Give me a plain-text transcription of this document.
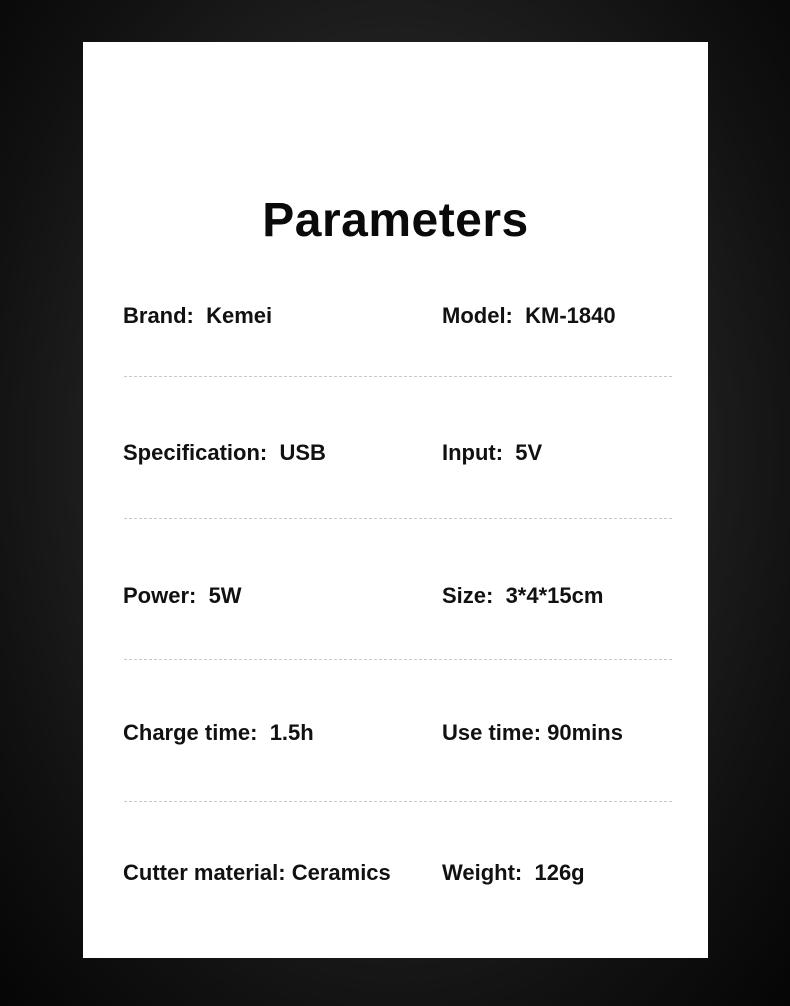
Parameters
Brand:  Kemei	Model:  KM-1840
Specification:  USB	Input:  5V
Power:  5W	Size:  3*4*15cm
Charge time:  1.5h	Use time: 90mins
Cutter material: Ceramics Weight:  126g
